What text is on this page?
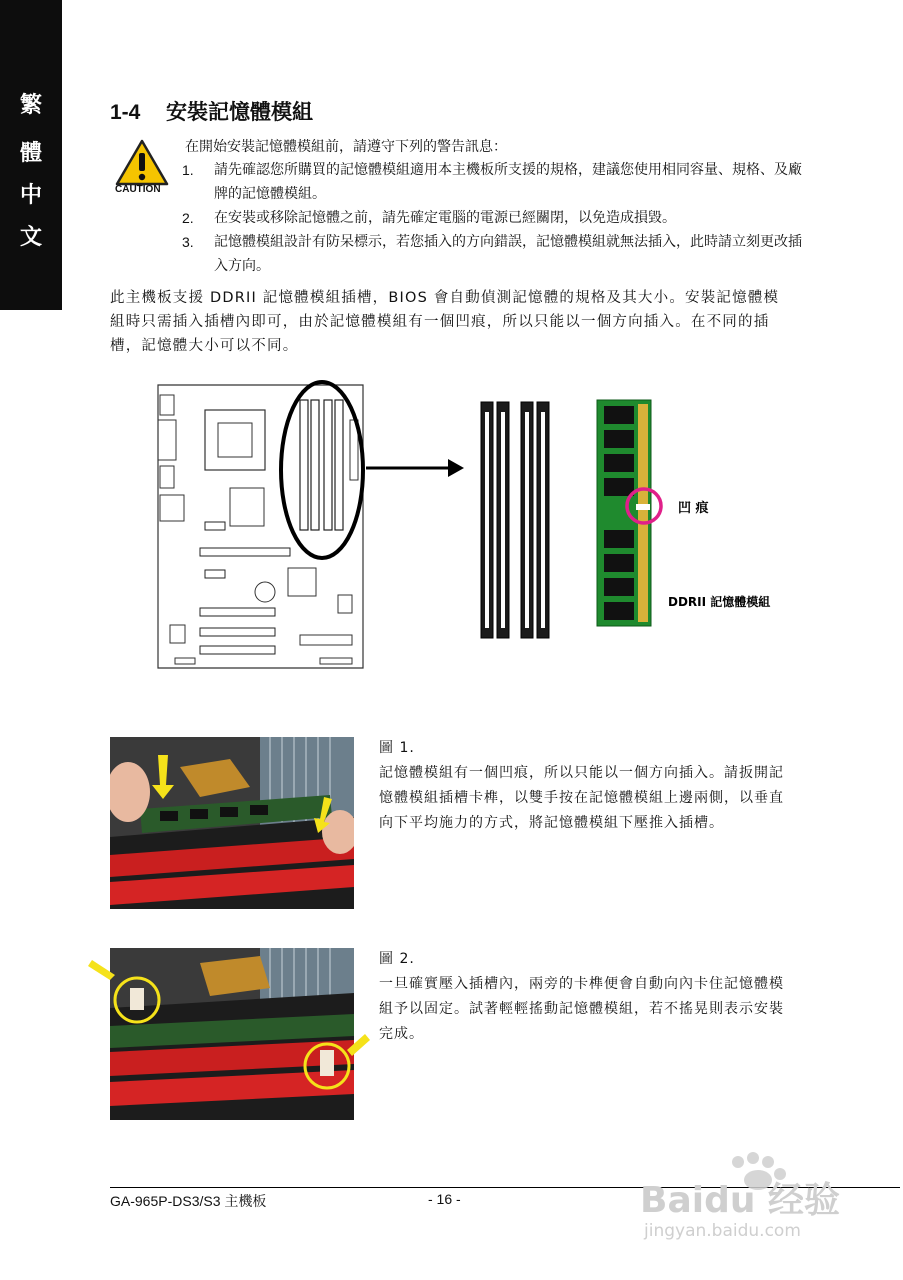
繁
體
中
文
1-4 安裝記憶體模組
CAUTION
在開始安裝記憶體模組前，請遵守下列的警告訊息：
1. 請先確認您所購買的記憶體模組適用本主機板所支援的規格，建議您使用相同容量、規格、及廠牌的記憶體模組。
2. 在安裝或移除記憶體之前，請先確定電腦的電源已經關閉，以免造成損毀。
3. 記憶體模組設計有防呆標示，若您插入的方向錯誤，記憶體模組就無法插入，此時請立刻更改插入方向。
此主機板支援 DDRII 記憶體模組插槽，BIOS 會自動偵測記憶體的規格及其大小。安裝記憶體模組時只需插入插槽內即可，由於記憶體模組有一個凹痕，所以只能以一個方向插入。在不同的插槽，記憶體大小可以不同。
凹 痕
DDRII 記憶體模組
圖 1.
記憶體模組有一個凹痕，所以只能以一個方向插入。請扳開記憶體模組插槽卡榫，以雙手按在記憶體模組上邊兩側，以垂直向下平均施力的方式，將記憶體模組下壓推入插槽。
圖 2.
一旦確實壓入插槽內，兩旁的卡榫便會自動向內卡住記憶體模組予以固定。試著輕輕搖動記憶體模組，若不搖晃則表示安裝完成。
GA-965P-DS3/S3 主機板	- 16 -	Baidu 经验
jingyan.baidu.com
